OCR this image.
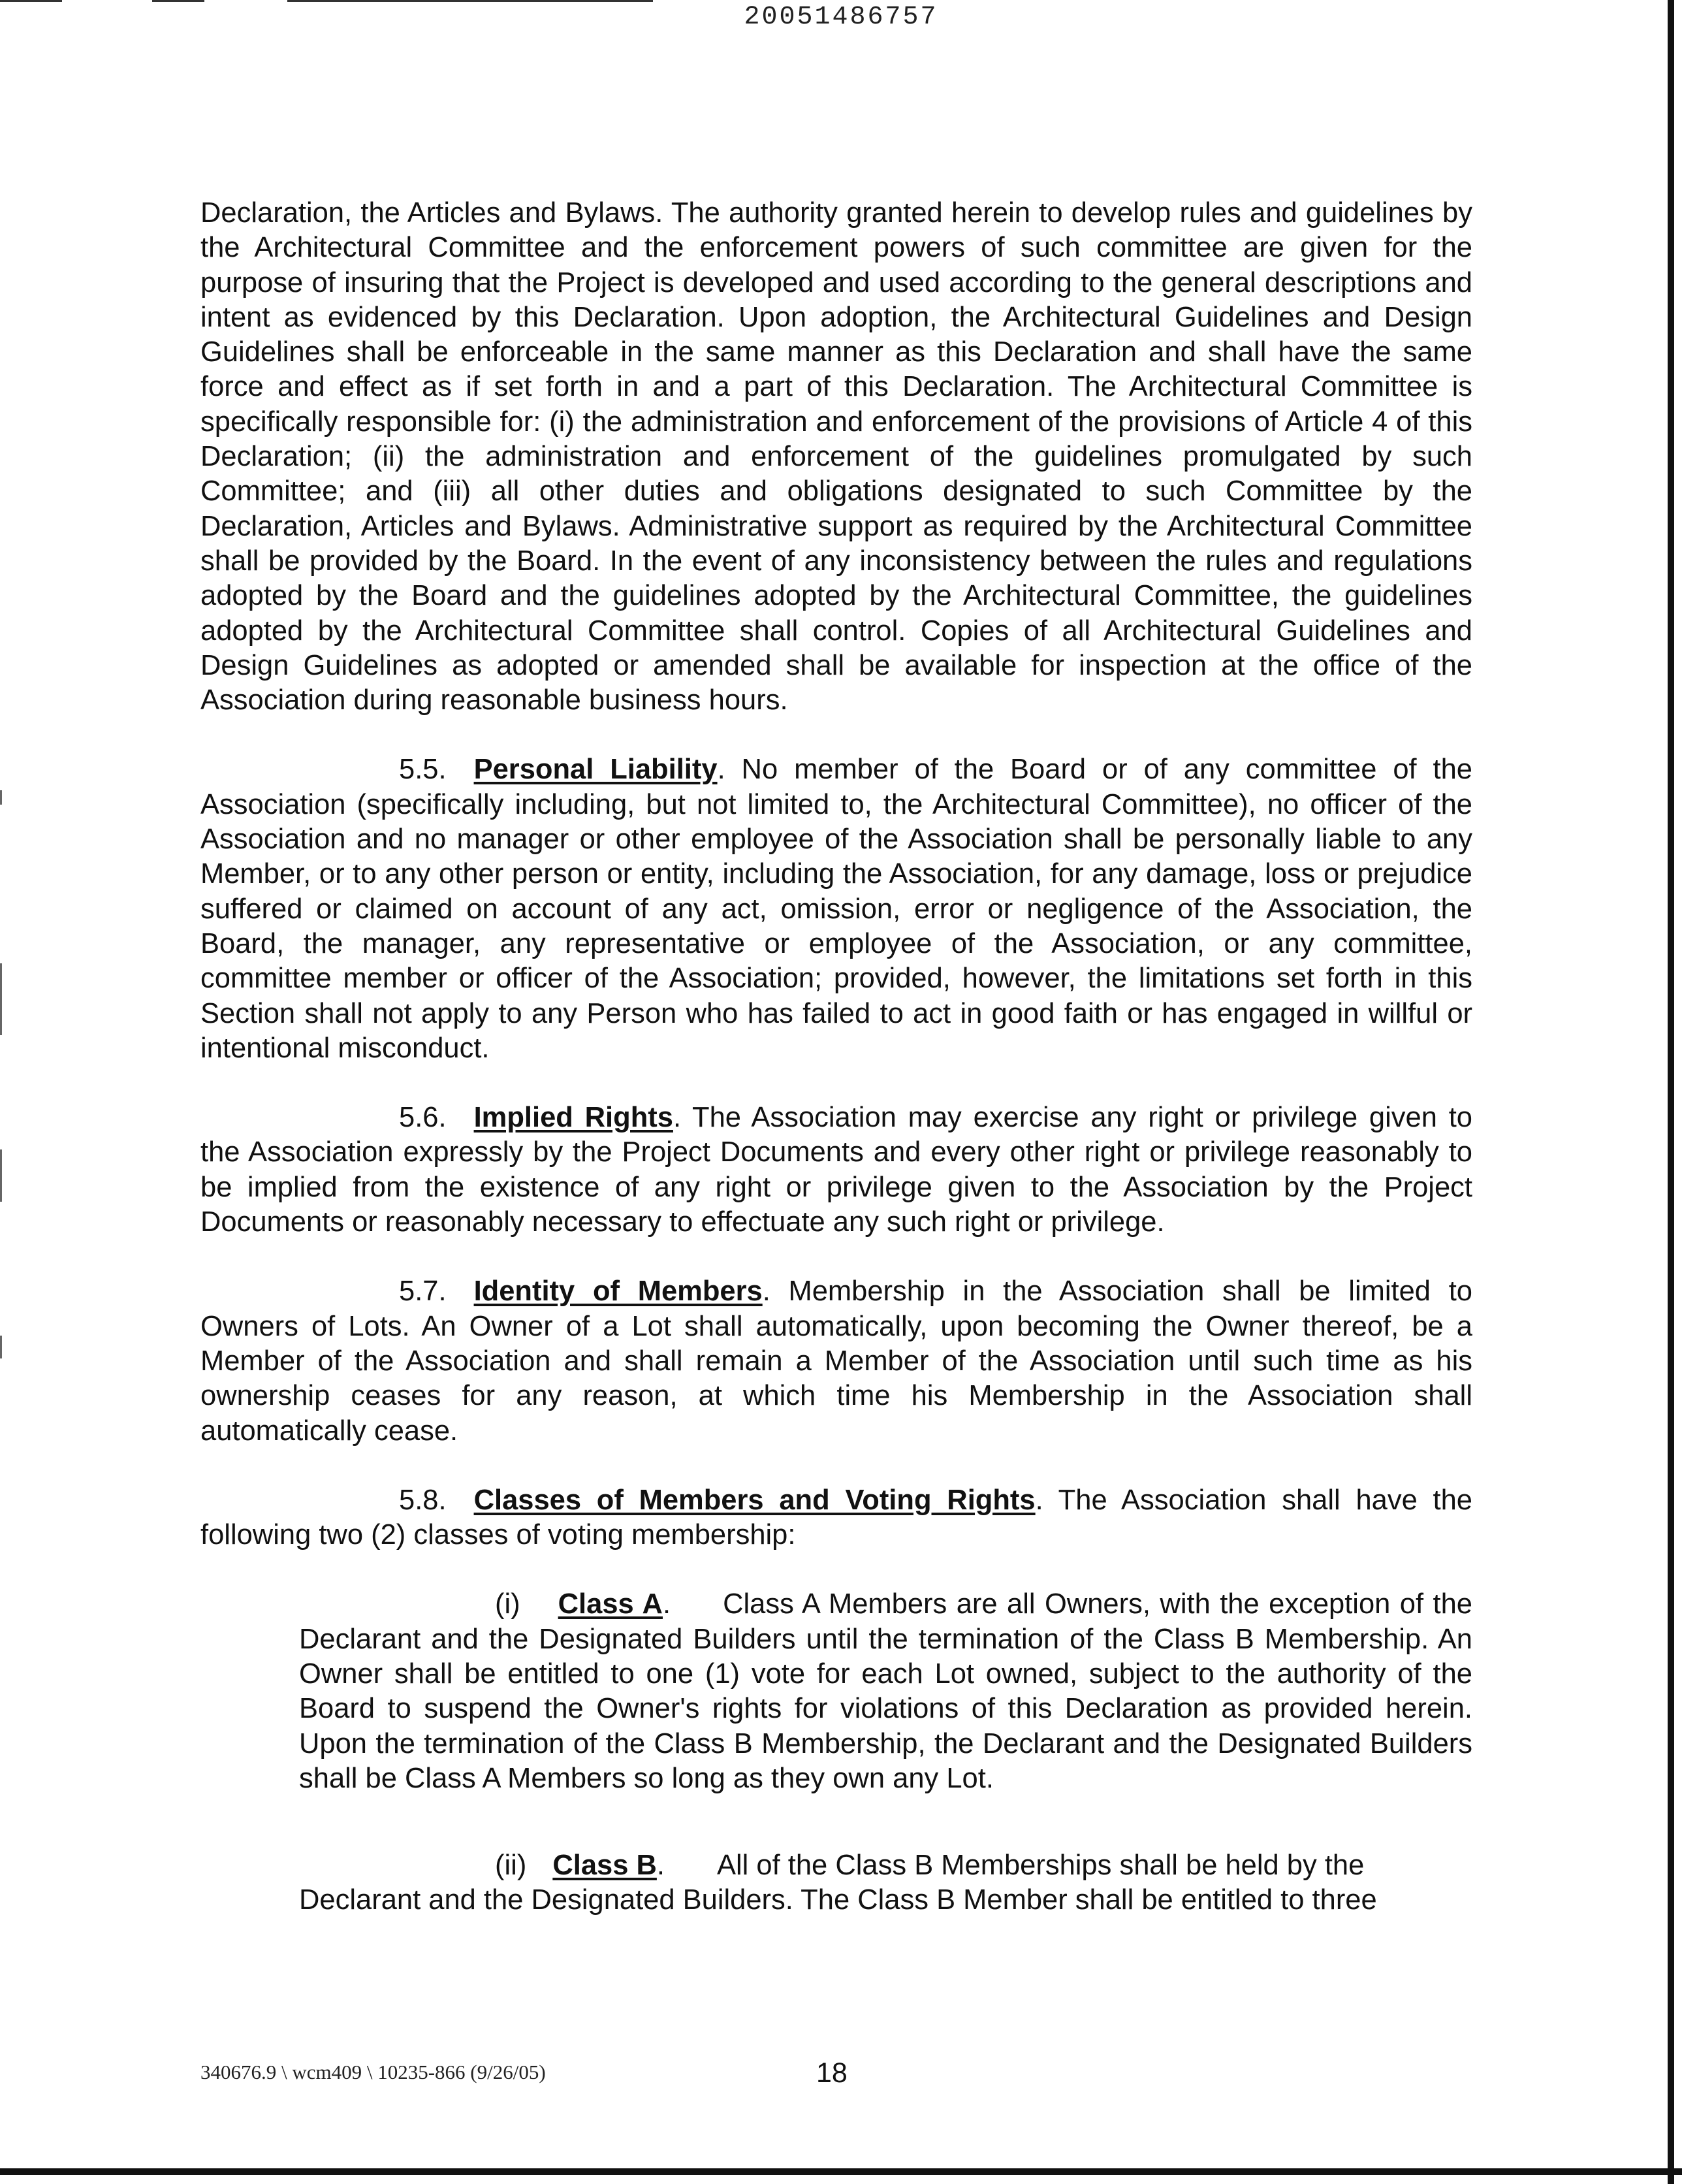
20051486757

Declaration, the Articles and Bylaws. The authority granted herein to develop rules and guidelines by the Architectural Committee and the enforcement powers of such committee are given for the purpose of insuring that the Project is developed and used according to the general descriptions and intent as evidenced by this Declaration. Upon adoption, the Architectural Guidelines and Design Guidelines shall be enforceable in the same manner as this Declaration and shall have the same force and effect as if set forth in and a part of this Declaration. The Architectural Committee is specifically responsible for: (i) the administration and enforcement of the provisions of Article 4 of this Declaration; (ii) the administration and enforcement of the guidelines promulgated by such Committee; and (iii) all other duties and obligations designated to such Committee by the Declaration, Articles and Bylaws. Administrative support as required by the Architectural Committee shall be provided by the Board. In the event of any inconsistency between the rules and regulations adopted by the Board and the guidelines adopted by the Architectural Committee, the guidelines adopted by the Architectural Committee shall control. Copies of all Architectural Guidelines and Design Guidelines as adopted or amended shall be available for inspection at the office of the Association during reasonable business hours.

5.5. Personal Liability. No member of the Board or of any committee of the Association (specifically including, but not limited to, the Architectural Committee), no officer of the Association and no manager or other employee of the Association shall be personally liable to any Member, or to any other person or entity, including the Association, for any damage, loss or prejudice suffered or claimed on account of any act, omission, error or negligence of the Association, the Board, the manager, any representative or employee of the Association, or any committee, committee member or officer of the Association; provided, however, the limitations set forth in this Section shall not apply to any Person who has failed to act in good faith or has engaged in willful or intentional misconduct.

5.6. Implied Rights. The Association may exercise any right or privilege given to the Association expressly by the Project Documents and every other right or privilege reasonably to be implied from the existence of any right or privilege given to the Association by the Project Documents or reasonably necessary to effectuate any such right or privilege.

5.7. Identity of Members. Membership in the Association shall be limited to Owners of Lots. An Owner of a Lot shall automatically, upon becoming the Owner thereof, be a Member of the Association and shall remain a Member of the Association until such time as his ownership ceases for any reason, at which time his Membership in the Association shall automatically cease.

5.8. Classes of Members and Voting Rights. The Association shall have the following two (2) classes of voting membership:

(i) Class A. Class A Members are all Owners, with the exception of the Declarant and the Designated Builders until the termination of the Class B Membership. An Owner shall be entitled to one (1) vote for each Lot owned, subject to the authority of the Board to suspend the Owner's rights for violations of this Declaration as provided herein. Upon the termination of the Class B Membership, the Declarant and the Designated Builders shall be Class A Members so long as they own any Lot.

(ii) Class B. All of the Class B Memberships shall be held by the Declarant and the Designated Builders. The Class B Member shall be entitled to three

340676.9 \ wcm409 \ 10235-866 (9/26/05)	18
